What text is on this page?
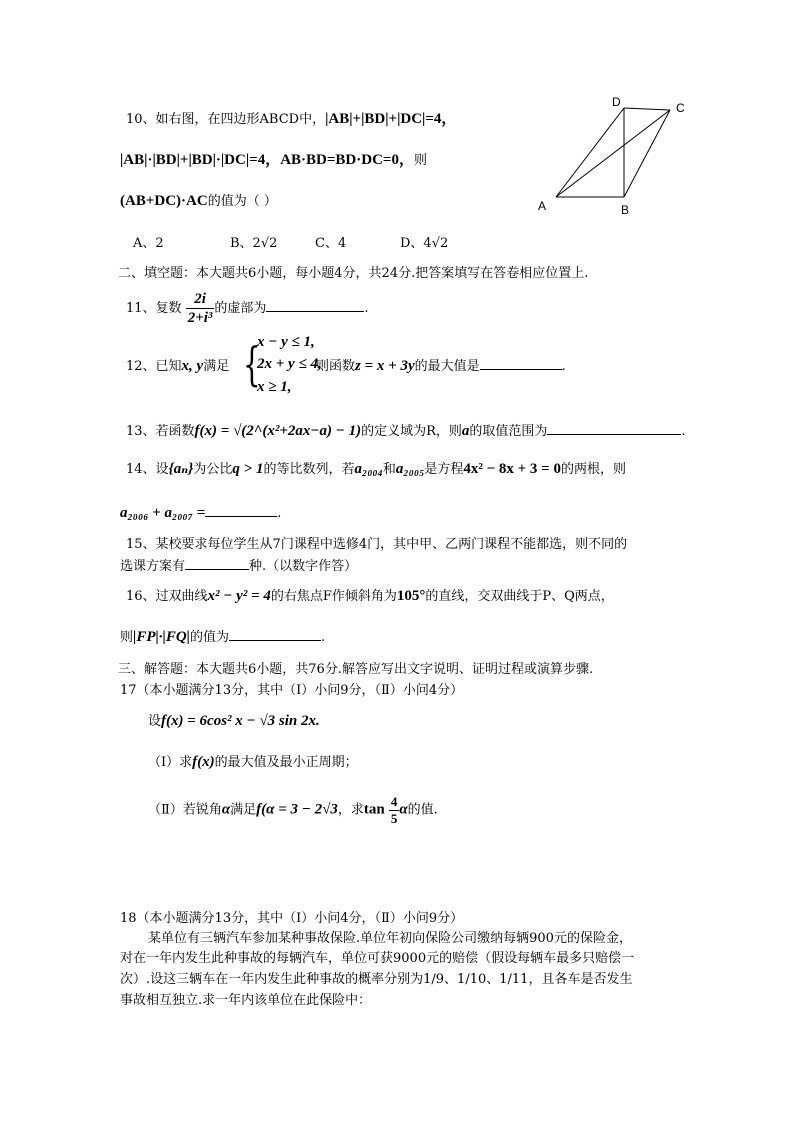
D	C
A	B
10、如右图，在四边形ABCD中，|AB|+|BD|+|DC|=4，
|AB|·|BD|+|BD|·|DC|=4，AB·BD=BD·DC=0，则
(AB+DC)·AC的值为（ ）
A、2	B、2√2	C、4	D、4√2
二、填空题：本大题共6小题，每小题4分，共24分.把答案填写在答卷相应位置上.
11、复数 $\frac{2i}{\text{2+i³}}$ 的虚部为	.
{
x − y ≤ 1,
2x + y ≤ 4,
x ≥ 1,
12、已知x, y满足	则函数z = x + 3y的最大值是	.
13、若函数f(x) = √(2^(x²+2ax−a) − 1)的定义域为R，则a的取值范围为	.
14、设{aₙ}为公比q > 1的等比数列，若a₂₀₀₄和a₂₀₀₅是方程4x² − 8x + 3 = 0的两根，则
a₂₀₀₆ + a₂₀₀₇ =	.
15、某校要求每位学生从7门课程中选修4门，其中甲、乙两门课程不能都选，则不同的
选课方案有	种.（以数字作答）
16、过双曲线x² − y² = 4的右焦点F作倾斜角为105°的直线，交双曲线于P、Q两点，
则|FP|·|FQ|的值为	.
三、解答题：本大题共6小题，共76分.解答应写出文字说明、证明过程或演算步骤.
17（本小题满分13分，其中（Ⅰ）小问9分，（Ⅱ）小问4分）
设f(x) = 6cos² x − √3 sin 2x.
（Ⅰ）求f(x)的最大值及最小正周期；
（Ⅱ）若锐角α满足f(α = 3 − 2√3，求$\tan \frac{4}{5}$ α的值.
18（本小题满分13分，其中（Ⅰ）小问4分，（Ⅱ）小问9分）
某单位有三辆汽车参加某种事故保险.单位年初向保险公司缴纳每辆900元的保险金，
对在一年内发生此种事故的每辆汽车，单位可获9000元的赔偿（假设每辆车最多只赔偿一
次）.设这三辆车在一年内发生此种事故的概率分别为1/9、1/10、1/11，且各车是否发生
事故相互独立.求一年内该单位在此保险中：
